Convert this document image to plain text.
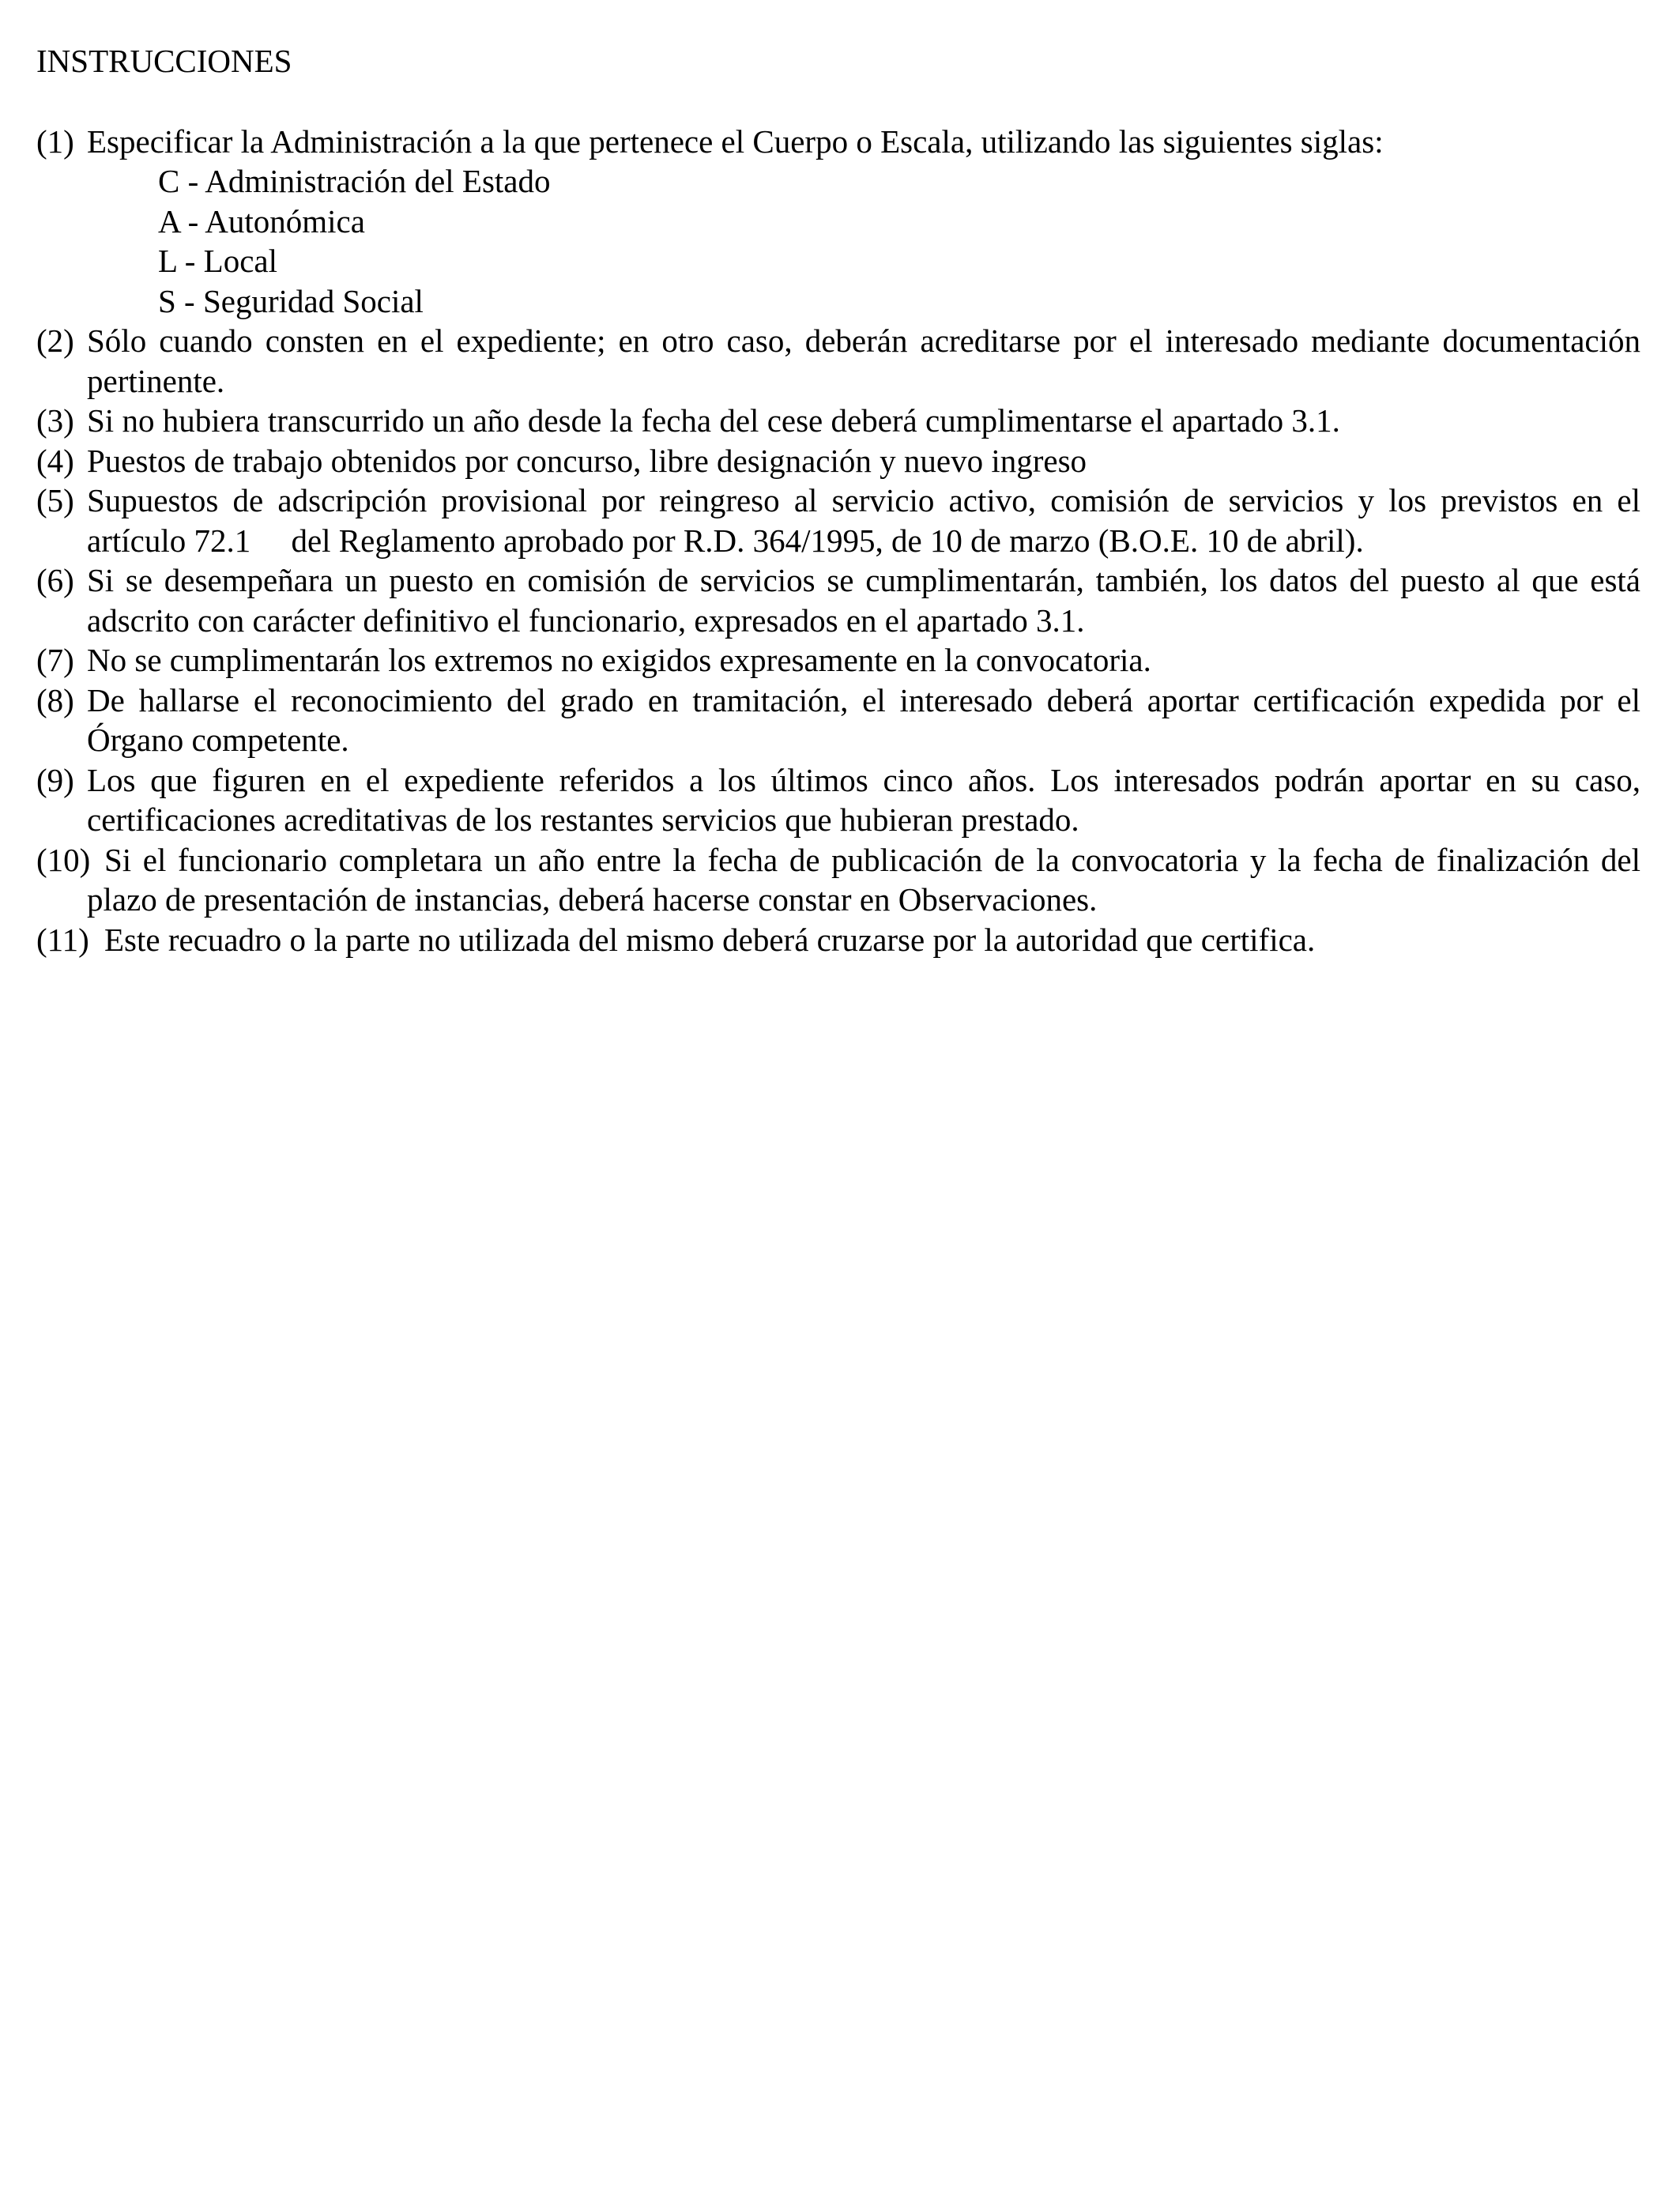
INSTRUCCIONES
(1) Especificar la Administración a la que pertenece el Cuerpo o Escala, utilizando las siguientes siglas:
C - Administración del Estado
A - Autonómica
L - Local
S - Seguridad Social
(2) Sólo cuando consten en el expediente; en otro caso, deberán acreditarse por el interesado mediante documentación pertinente.
(3) Si no hubiera transcurrido un año desde la fecha del cese deberá cumplimentarse el apartado 3.1.
(4) Puestos de trabajo obtenidos por concurso, libre designación y nuevo ingreso
(5) Supuestos de adscripción provisional por reingreso al servicio activo, comisión de servicios y los previstos en el artículo 72.1     del Reglamento aprobado por R.D. 364/1995, de 10 de marzo (B.O.E. 10 de abril).
(6) Si se desempeñara un puesto en comisión de servicios se cumplimentarán, también, los datos del puesto al que está adscrito con carácter definitivo el funcionario, expresados en el apartado 3.1.
(7) No se cumplimentarán los extremos no exigidos expresamente en la convocatoria.
(8) De hallarse el reconocimiento del grado en tramitación, el interesado deberá aportar certificación expedida por el Órgano competente.
(9) Los que figuren en el expediente referidos a los últimos cinco años. Los interesados podrán aportar en su caso, certificaciones acreditativas de los restantes servicios que hubieran prestado.
(10) Si el funcionario completara un año entre la fecha de publicación de la convocatoria y la fecha de finalización del plazo de presentación de instancias, deberá hacerse constar en Observaciones.
(11) Este recuadro o la parte no utilizada del mismo deberá cruzarse por la autoridad que certifica.
